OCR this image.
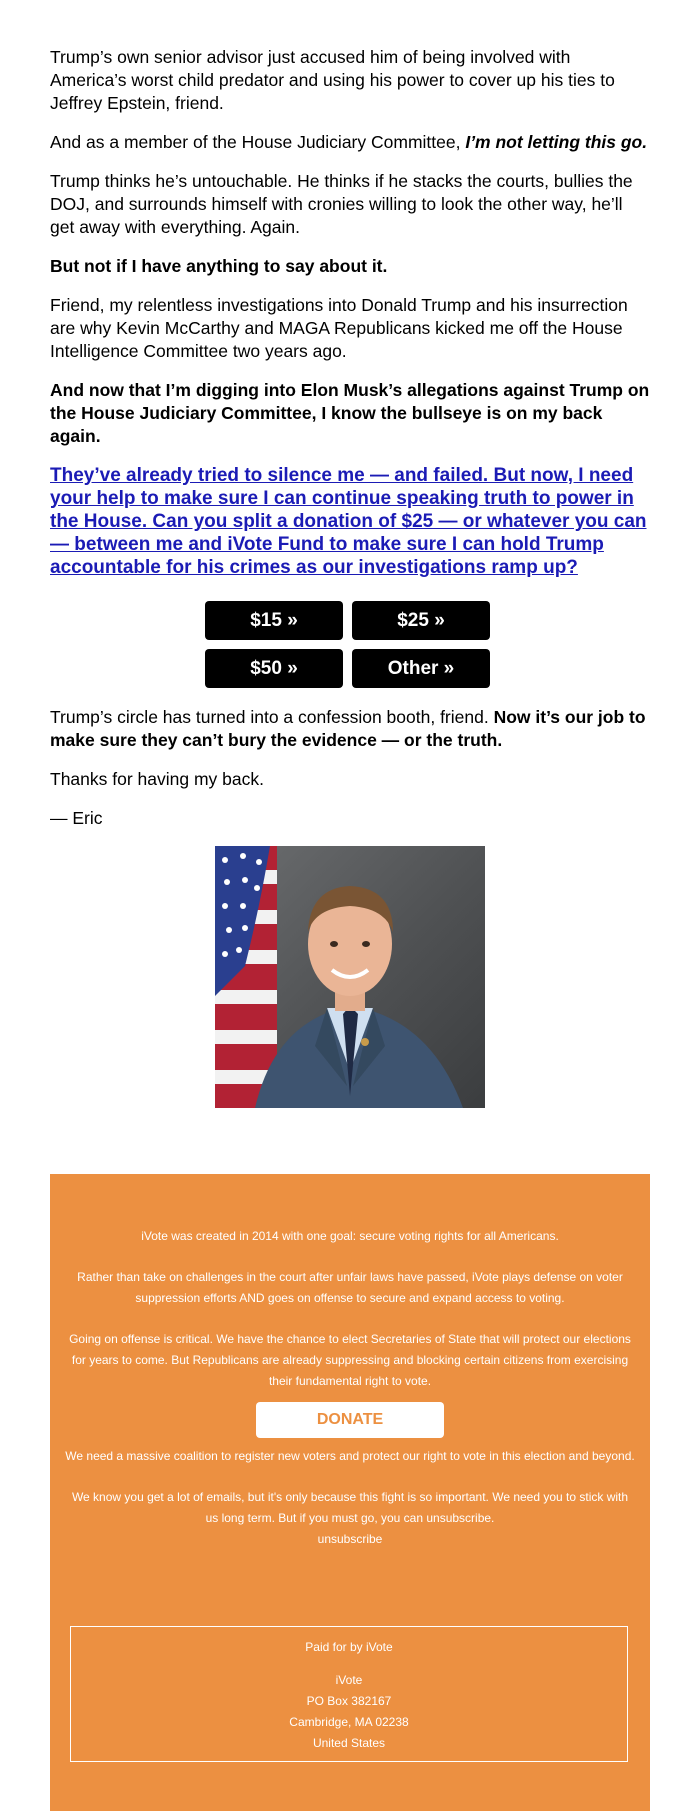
Trump’s own senior advisor just accused him of being involved with America’s worst child predator and using his power to cover up his ties to Jeffrey Epstein, friend.

And as a member of the House Judiciary Committee, I’m not letting this go.

Trump thinks he’s untouchable. He thinks if he stacks the courts, bullies the DOJ, and surrounds himself with cronies willing to look the other way, he’ll get away with everything. Again.

But not if I have anything to say about it.

Friend, my relentless investigations into Donald Trump and his insurrection are why Kevin McCarthy and MAGA Republicans kicked me off the House Intelligence Committee two years ago.

And now that I’m digging into Elon Musk’s allegations against Trump on the House Judiciary Committee, I know the bullseye is on my back again.

They’ve already tried to silence me — and failed. But now, I need your help to make sure I can continue speaking truth to power in the House. Can you split a donation of $25 — or whatever you can — between me and iVote Fund to make sure I can hold Trump accountable for his crimes as our investigations ramp up?
$15 »	$25 »
$50 »	Other »

Trump’s circle has turned into a confession booth, friend. Now it’s our job to make sure they can’t bury the evidence — or the truth.

Thanks for having my back.

— Eric

iVote was created in 2014 with one goal: secure voting rights for all Americans.

Rather than take on challenges in the court after unfair laws have passed, iVote plays defense on voter suppression efforts AND goes on offense to secure and expand access to voting.

Going on offense is critical. We have the chance to elect Secretaries of State that will protect our elections for years to come. But Republicans are already suppressing and blocking certain citizens from exercising their fundamental right to vote.

DONATE

We need a massive coalition to register new voters and protect our right to vote in this election and beyond.

We know you get a lot of emails, but it's only because this fight is so important. We need you to stick with us long term. But if you must go, you can unsubscribe.

unsubscribe

Paid for by iVote

iVote

PO Box 382167

Cambridge, MA 02238

United States
